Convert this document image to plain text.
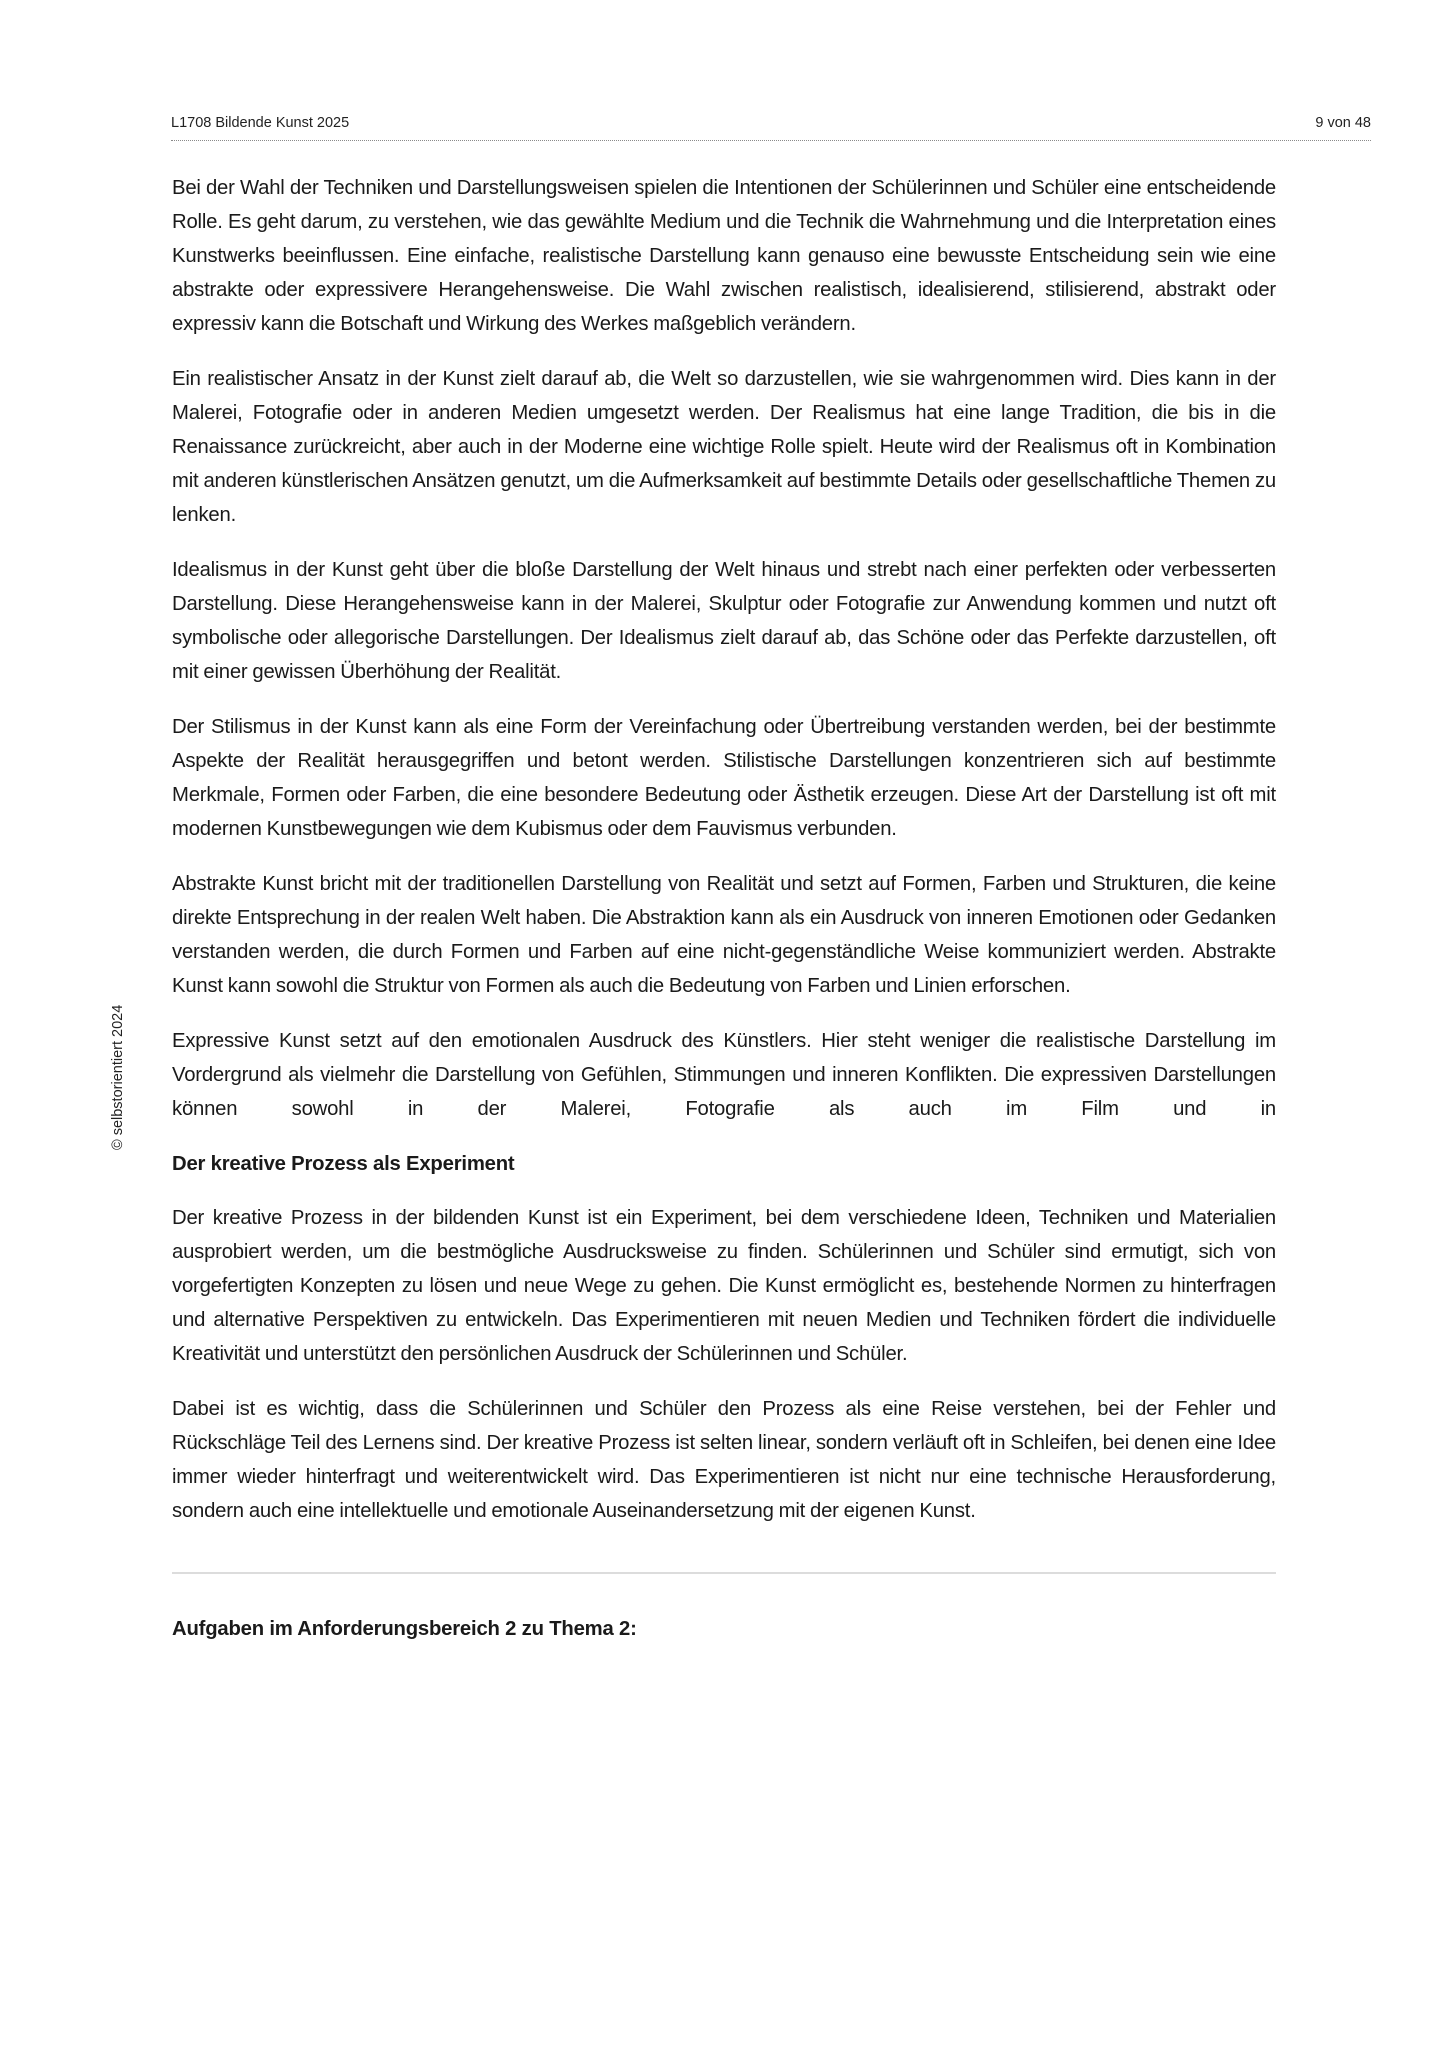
L1708 Bildende Kunst 2025	9 von 48
© selbstorientiert 2024

Bei der Wahl der Techniken und Darstellungsweisen spielen die Intentionen der Schülerinnen und Schüler eine entscheidende Rolle. Es geht darum, zu verstehen, wie das gewählte Medium und die Technik die Wahrnehmung und die Interpretation eines Kunstwerks beeinflussen. Eine einfache, realistische Darstellung kann genauso eine bewusste Entscheidung sein wie eine abstrakte oder expressivere Herangehensweise. Die Wahl zwischen realistisch, idealisierend, stilisierend, abstrakt oder expressiv kann die Botschaft und Wirkung des Werkes maßgeblich verändern.

Ein realistischer Ansatz in der Kunst zielt darauf ab, die Welt so darzustellen, wie sie wahrgenommen wird. Dies kann in der Malerei, Fotografie oder in anderen Medien umgesetzt werden. Der Realismus hat eine lange Tradition, die bis in die Renaissance zurückreicht, aber auch in der Moderne eine wichtige Rolle spielt. Heute wird der Realismus oft in Kombination mit anderen künstlerischen Ansätzen genutzt, um die Aufmerksamkeit auf bestimmte Details oder gesellschaftliche Themen zu lenken.

Idealismus in der Kunst geht über die bloße Darstellung der Welt hinaus und strebt nach einer perfekten oder verbesserten Darstellung. Diese Herangehensweise kann in der Malerei, Skulptur oder Fotografie zur Anwendung kommen und nutzt oft symbolische oder allegorische Darstellungen. Der Idealismus zielt darauf ab, das Schöne oder das Perfekte darzustellen, oft mit einer gewissen Überhöhung der Realität.

Der Stilismus in der Kunst kann als eine Form der Vereinfachung oder Übertreibung verstanden werden, bei der bestimmte Aspekte der Realität herausgegriffen und betont werden. Stilistische Darstellungen konzentrieren sich auf bestimmte Merkmale, Formen oder Farben, die eine besondere Bedeutung oder Ästhetik erzeugen. Diese Art der Darstellung ist oft mit modernen Kunstbewegungen wie dem Kubismus oder dem Fauvismus verbunden.

Abstrakte Kunst bricht mit der traditionellen Darstellung von Realität und setzt auf Formen, Farben und Strukturen, die keine direkte Entsprechung in der realen Welt haben. Die Abstraktion kann als ein Ausdruck von inneren Emotionen oder Gedanken verstanden werden, die durch Formen und Farben auf eine nicht-gegenständliche Weise kommuniziert werden. Abstrakte Kunst kann sowohl die Struktur von Formen als auch die Bedeutung von Farben und Linien erforschen.

Expressive Kunst setzt auf den emotionalen Ausdruck des Künstlers. Hier steht weniger die realistische Darstellung im Vordergrund als vielmehr die Darstellung von Gefühlen, Stimmungen und inneren Konflikten. Die expressiven Darstellungen können sowohl in der Malerei, Fotografie als auch im Film und in

Der kreative Prozess als Experiment

Der kreative Prozess in der bildenden Kunst ist ein Experiment, bei dem verschiedene Ideen, Techniken und Materialien ausprobiert werden, um die bestmögliche Ausdrucksweise zu finden. Schülerinnen und Schüler sind ermutigt, sich von vorgefertigten Konzepten zu lösen und neue Wege zu gehen. Die Kunst ermöglicht es, bestehende Normen zu hinterfragen und alternative Perspektiven zu entwickeln. Das Experimentieren mit neuen Medien und Techniken fördert die individuelle Kreativität und unterstützt den persönlichen Ausdruck der Schülerinnen und Schüler.

Dabei ist es wichtig, dass die Schülerinnen und Schüler den Prozess als eine Reise verstehen, bei der Fehler und Rückschläge Teil des Lernens sind. Der kreative Prozess ist selten linear, sondern verläuft oft in Schleifen, bei denen eine Idee immer wieder hinterfragt und weiterentwickelt wird. Das Experimentieren ist nicht nur eine technische Herausforderung, sondern auch eine intellektuelle und emotionale Auseinandersetzung mit der eigenen Kunst.

Aufgaben im Anforderungsbereich 2 zu Thema 2:
